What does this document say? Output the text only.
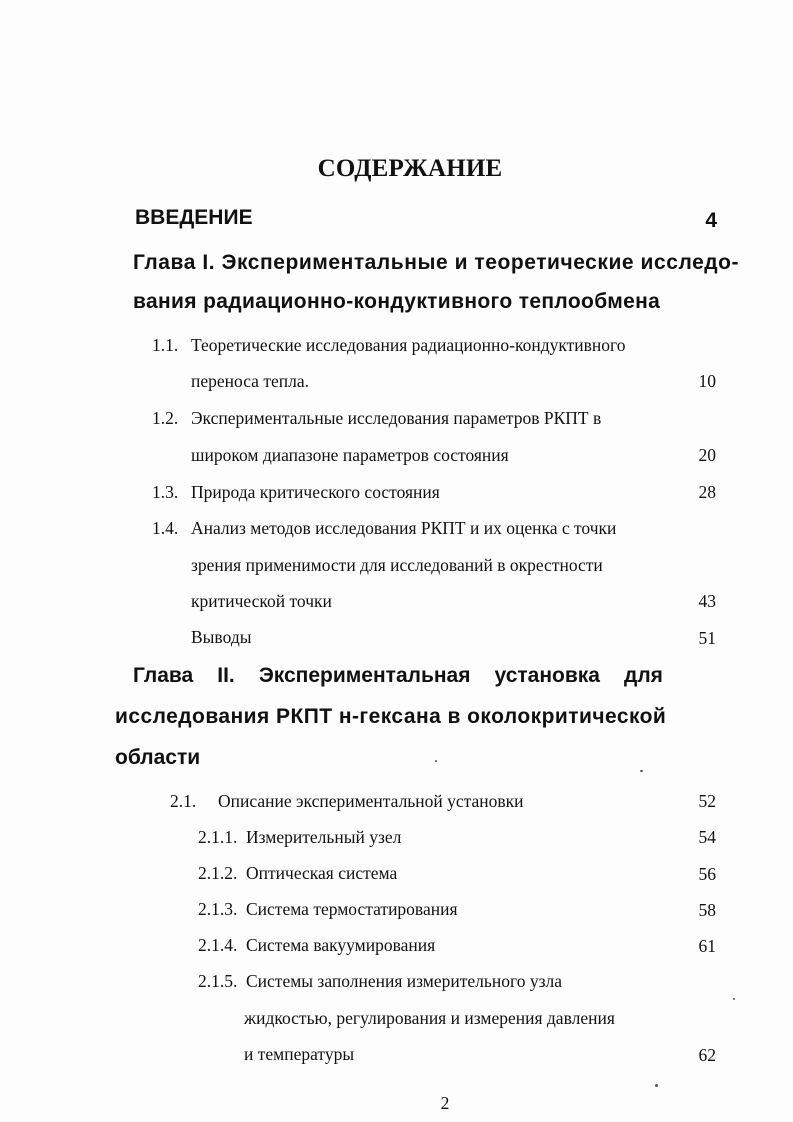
СОДЕРЖАНИЕ
ВВЕДЕНИЕ	4
Глава I. Экспериментальные и теоретические исследо-
вания радиационно-кондуктивного теплообмена
1.1. Теоретические исследования радиационно-кондуктивного
переноса тепла.	10
1.2. Экспериментальные исследования параметров РКПТ в
широком диапазоне параметров состояния	20
1.3. Природа критического состояния	28
1.4. Анализ методов исследования РКПТ и их оценка с точки
зрения применимости для исследований в окрестности
критической точки	43
Выводы	51
Глава II. Экспериментальная установка для
исследования РКПТ н-гексана в околокритической
области
2.1. Описание экспериментальной установки	52
2.1.1. Измерительный узел	54
2.1.2. Оптическая система	56
2.1.3. Система термостатирования	58
2.1.4. Система вакуумирования	61
2.1.5. Системы заполнения измерительного узла
жидкостью, регулирования и измерения давления
и температуры	62
2
